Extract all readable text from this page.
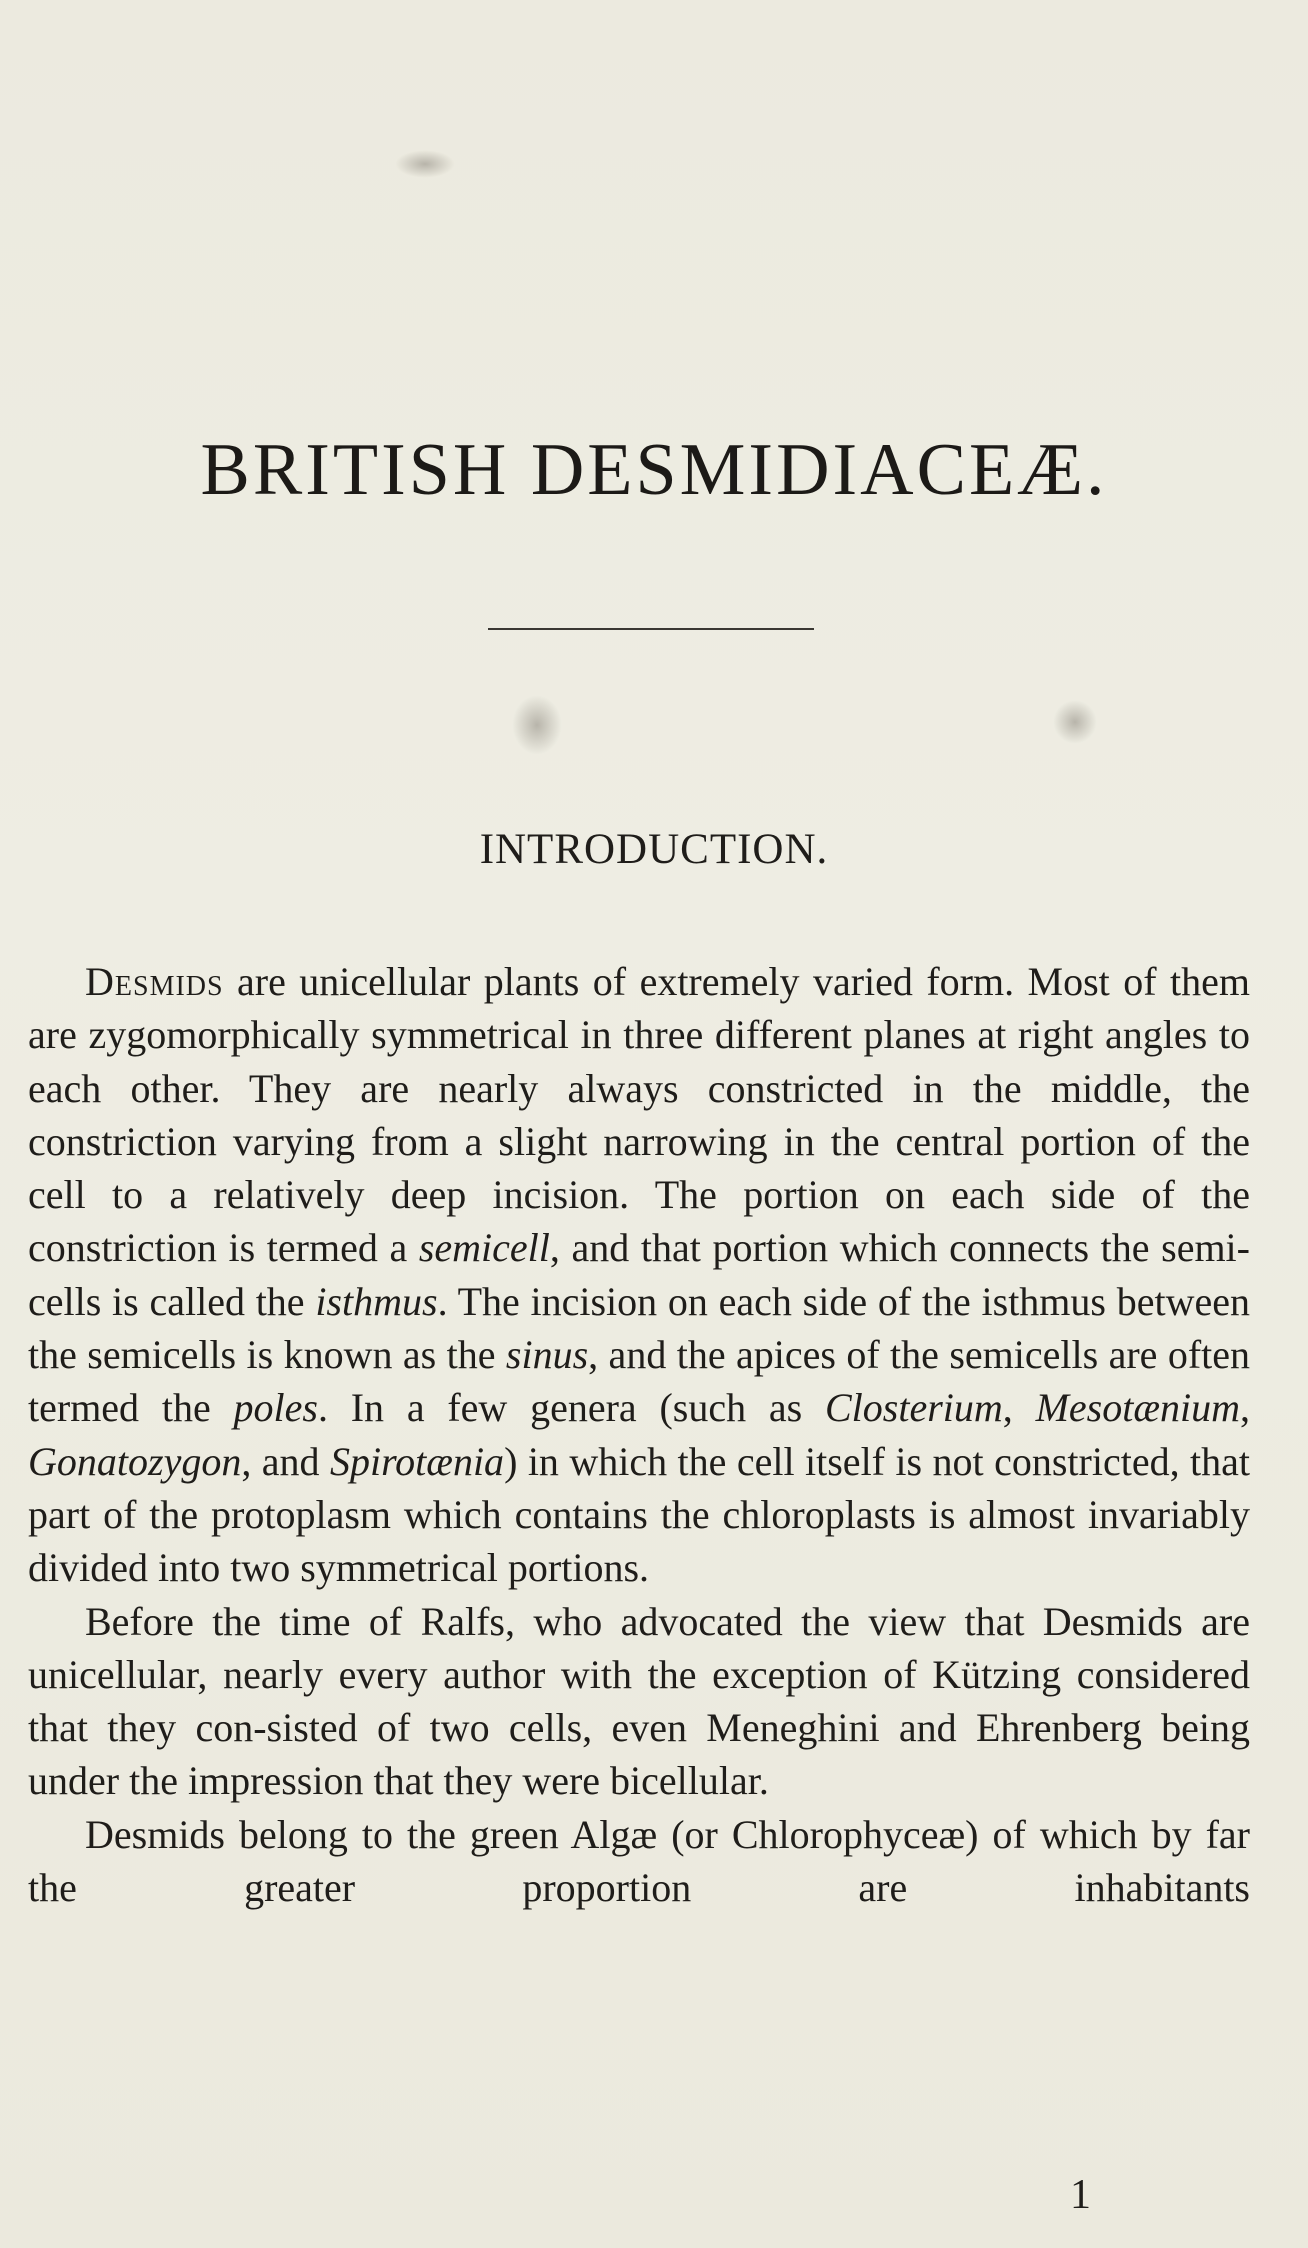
BRITISH DESMIDIACEÆ.
INTRODUCTION.

Desmids are unicellular plants of extremely varied form. Most of them are zygomorphically symmetrical in three different planes at right angles to each other. They are nearly always constricted in the middle, the constriction varying from a slight narrowing in the central portion of the cell to a relatively deep incision. The portion on each side of the constriction is termed a semicell, and that portion which connects the semi-cells is called the isthmus. The incision on each side of the isthmus between the semicells is known as the sinus, and the apices of the semicells are often termed the poles. In a few genera (such as Closterium, Mesotænium, Gonatozygon, and Spirotænia) in which the cell itself is not constricted, that part of the protoplasm which contains the chloroplasts is almost invariably divided into two symmetrical portions.

Before the time of Ralfs, who advocated the view that Desmids are unicellular, nearly every author with the exception of Kützing considered that they con-sisted of two cells, even Meneghini and Ehrenberg being under the impression that they were bicellular.

Desmids belong to the green Algæ (or Chlorophyceæ) of which by far the greater proportion are inhabitants

1
